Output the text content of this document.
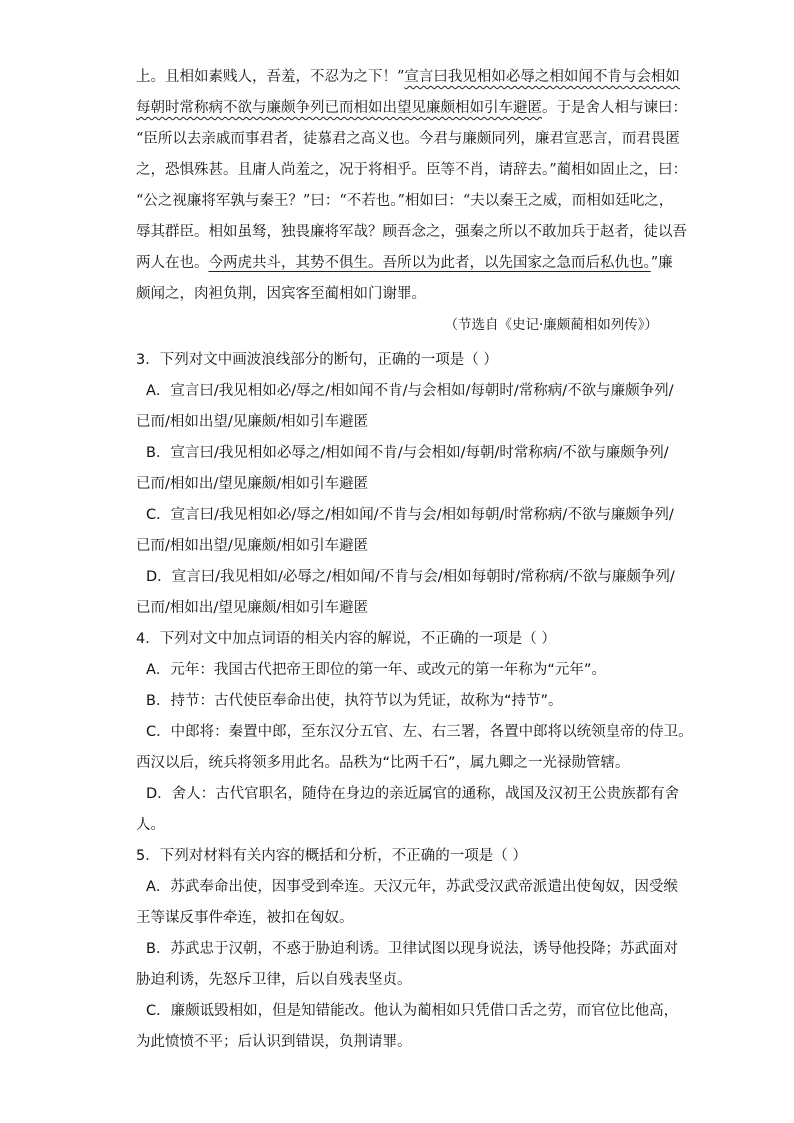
上。且相如素贱人，吾羞，不忍为之下！”宣言曰我见相如必辱之相如闻不肯与会相如
每朝时常称病不欲与廉颇争列已而相如出望见廉颇相如引车避匿。于是舍人相与谏曰：
“臣所以去亲戚而事君者，徒慕君之高义也。今君与廉颇同列，廉君宣恶言，而君畏匿
之，恐惧殊甚。且庸人尚羞之，况于将相乎。臣等不肖，请辞去。”蔺相如固止之，曰：
“公之视廉将军孰与秦王？”曰：“不若也。”相如曰：“夫以秦王之威，而相如廷叱之，
辱其群臣。相如虽驽，独畏廉将军哉？顾吾念之，强秦之所以不敢加兵于赵者，徒以吾
两人在也。今两虎共斗，其势不俱生。吾所以为此者，以先国家之急而后私仇也。”廉
颇闻之，肉袒负荆，因宾客至蔺相如门谢罪。
（节选自《史记·廉颇蔺相如列传》）
3．下列对文中画波浪线部分的断句，正确的一项是（ ）
A．宣言曰/我见相如必/辱之/相如闻不肯/与会相如/每朝时/常称病/不欲与廉颇争列/
已而/相如出望/见廉颇/相如引车避匿
B．宣言曰/我见相如必辱之/相如闻不肯/与会相如/每朝/时常称病/不欲与廉颇争列/
已而/相如出/望见廉颇/相如引车避匿
C．宣言曰/我见相如必/辱之/相如闻/不肯与会/相如每朝/时常称病/不欲与廉颇争列/
已而/相如出望/见廉颇/相如引车避匿
D．宣言曰/我见相如/必辱之/相如闻/不肯与会/相如每朝时/常称病/不欲与廉颇争列/
已而/相如出/望见廉颇/相如引车避匿
4．下列对文中加点词语的相关内容的解说，不正确的一项是（ ）
A．元年：我国古代把帝王即位的第一年、或改元的第一年称为“元年”。
B．持节：古代使臣奉命出使，执符节以为凭证，故称为“持节”。
C．中郎将：秦置中郎，至东汉分五官、左、右三署，各置中郎将以统领皇帝的侍卫。
西汉以后，统兵将领多用此名。品秩为“比两千石”，属九卿之一光禄勋管辖。
D．舍人：古代官职名，随侍在身边的亲近属官的通称，战国及汉初王公贵族都有舍
人。
5．下列对材料有关内容的概括和分析，不正确的一项是（ ）
A．苏武奉命出使，因事受到牵连。天汉元年，苏武受汉武帝派遣出使匈奴，因受缑
王等谋反事件牵连，被扣在匈奴。
B．苏武忠于汉朝，不惑于胁迫利诱。卫律试图以现身说法，诱导他投降；苏武面对
胁迫利诱，先怒斥卫律，后以自残表坚贞。
C．廉颇诋毁相如，但是知错能改。他认为蔺相如只凭借口舌之劳，而官位比他高，
为此愤愤不平；后认识到错误，负荆请罪。
